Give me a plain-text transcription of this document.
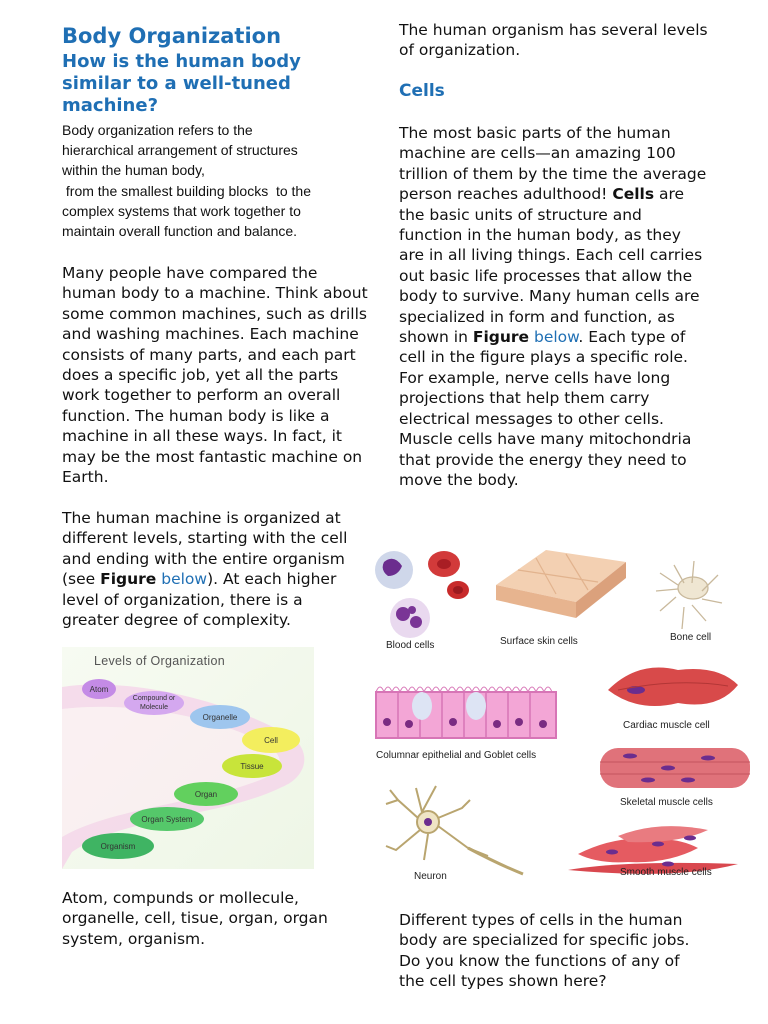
Body Organization
How is the human body similar to a well-tuned machine?
Body organization refers to the
hierarchical arrangement of structures
within the human body,
from the smallest building blocks  to the
complex systems that work together to
maintain overall function and balance.

Many people have compared the human body to a machine. Think about some common machines, such as drills and washing machines. Each machine consists of many parts, and each part does a specific job, yet all the parts work together to perform an overall function. The human body is like a machine in all these ways. In fact, it may be the most fantastic machine on Earth.

The human machine is organized at different levels, starting with the cell and ending with the entire organism (see Figure below). At each higher level of organization, there is a greater degree of complexity.

Levels of Organization
Atom
Compound or Molecule
Organelle
Cell
Tissue
Organ
Organ System
Organism

Atom, compunds or mollecule, organelle, cell, tisue, organ, organ system, organism.

The human organism has several levels of organization.

Cells

The most basic parts of the human machine are cells—an amazing 100 trillion of them by the time the average person reaches adulthood! Cells are the basic units of structure and function in the human body, as they are in all living things. Each cell carries out basic life processes that allow the body to survive. Many human cells are specialized in form and function, as shown in Figure below. Each type of cell in the figure plays a specific role. For example, nerve cells have long projections that help them carry electrical messages to other cells. Muscle cells have many mitochondria that provide the energy they need to move the body.

Blood cells	Surface skin cells	Bone cell
Columnar epithelial and Goblet cells
Cardiac muscle cell
Skeletal muscle cells
Neuron	Smooth muscle cells

Different types of cells in the human body are specialized for specific jobs. Do you know the functions of any of the cell types shown here?
